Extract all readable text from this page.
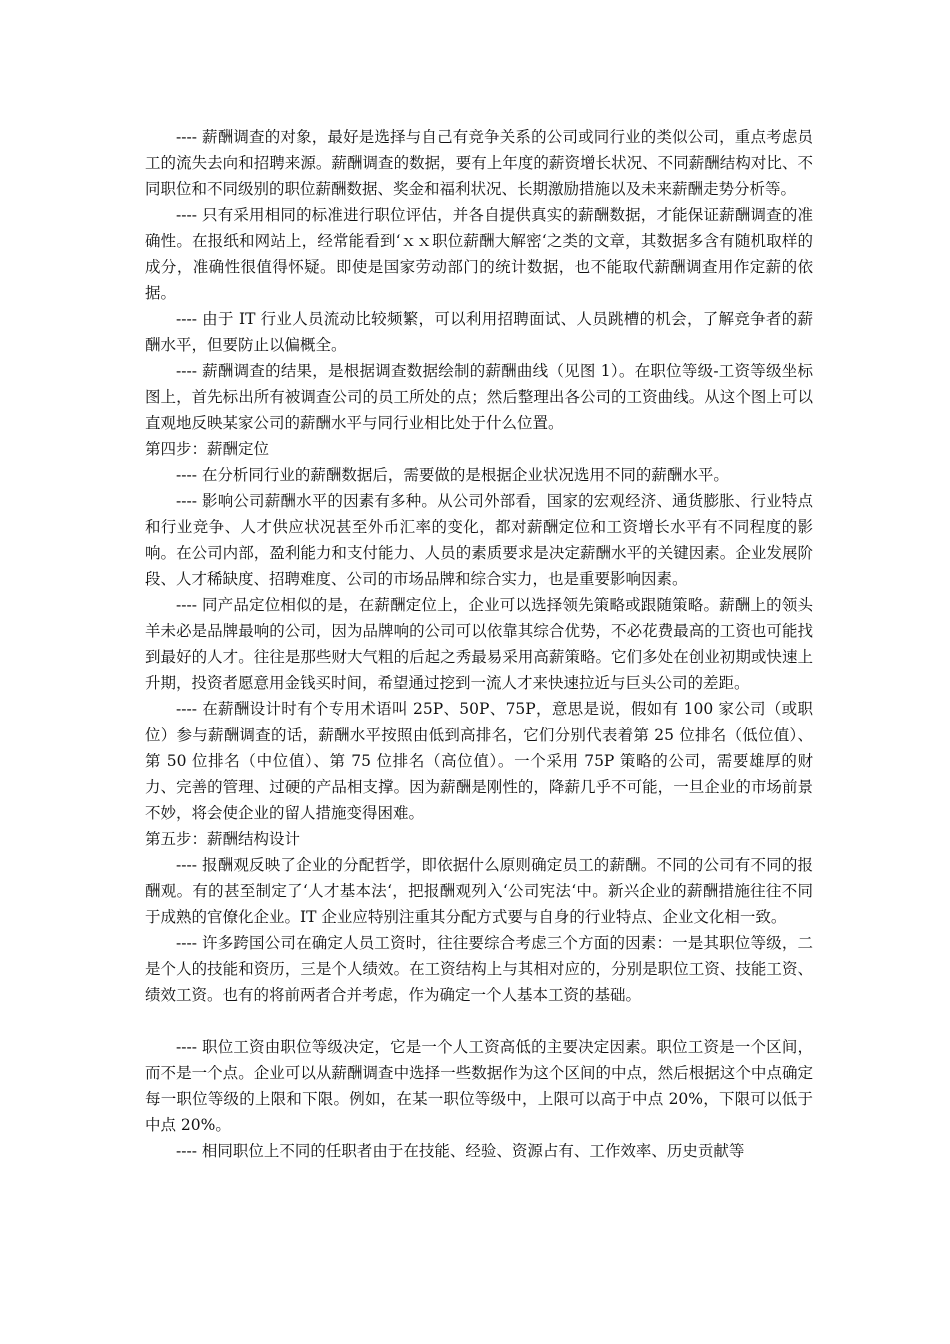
---- 薪酬调查的对象，最好是选择与自己有竞争关系的公司或同行业的类似公司，重点考虑员工的流失去向和招聘来源。薪酬调查的数据，要有上年度的薪资增长状况、不同薪酬结构对比、不同职位和不同级别的职位薪酬数据、奖金和福利状况、长期激励措施以及未来薪酬走势分析等。

---- 只有采用相同的标准进行职位评估，并各自提供真实的薪酬数据，才能保证薪酬调查的准确性。在报纸和网站上，经常能看到‘ｘｘ职位薪酬大解密‘之类的文章，其数据多含有随机取样的成分，准确性很值得怀疑。即使是国家劳动部门的统计数据，也不能取代薪酬调查用作定薪的依据。

---- 由于 IT 行业人员流动比较频繁，可以利用招聘面试、人员跳槽的机会，了解竞争者的薪酬水平，但要防止以偏概全。

---- 薪酬调查的结果，是根据调查数据绘制的薪酬曲线（见图 1）。在职位等级-工资等级坐标图上，首先标出所有被调查公司的员工所处的点；然后整理出各公司的工资曲线。从这个图上可以直观地反映某家公司的薪酬水平与同行业相比处于什么位置。

第四步：薪酬定位

---- 在分析同行业的薪酬数据后，需要做的是根据企业状况选用不同的薪酬水平。

---- 影响公司薪酬水平的因素有多种。从公司外部看，国家的宏观经济、通货膨胀、行业特点和行业竞争、人才供应状况甚至外币汇率的变化，都对薪酬定位和工资增长水平有不同程度的影响。在公司内部，盈利能力和支付能力、人员的素质要求是决定薪酬水平的关键因素。企业发展阶段、人才稀缺度、招聘难度、公司的市场品牌和综合实力，也是重要影响因素。

---- 同产品定位相似的是，在薪酬定位上，企业可以选择领先策略或跟随策略。薪酬上的领头羊未必是品牌最响的公司，因为品牌响的公司可以依靠其综合优势，不必花费最高的工资也可能找到最好的人才。往往是那些财大气粗的后起之秀最易采用高薪策略。它们多处在创业初期或快速上升期，投资者愿意用金钱买时间，希望通过挖到一流人才来快速拉近与巨头公司的差距。

---- 在薪酬设计时有个专用术语叫 25P、50P、75P，意思是说，假如有 100 家公司（或职位）参与薪酬调查的话，薪酬水平按照由低到高排名，它们分别代表着第 25 位排名（低位值）、第 50 位排名（中位值）、第 75 位排名（高位值）。一个采用 75P 策略的公司，需要雄厚的财力、完善的管理、过硬的产品相支撑。因为薪酬是刚性的，降薪几乎不可能，一旦企业的市场前景不妙，将会使企业的留人措施变得困难。

第五步：薪酬结构设计

---- 报酬观反映了企业的分配哲学，即依据什么原则确定员工的薪酬。不同的公司有不同的报酬观。有的甚至制定了‘人才基本法‘，把报酬观列入‘公司宪法‘中。新兴企业的薪酬措施往往不同于成熟的官僚化企业。IT 企业应特别注重其分配方式要与自身的行业特点、企业文化相一致。

---- 许多跨国公司在确定人员工资时，往往要综合考虑三个方面的因素：一是其职位等级，二是个人的技能和资历，三是个人绩效。在工资结构上与其相对应的，分别是职位工资、技能工资、绩效工资。也有的将前两者合并考虑，作为确定一个人基本工资的基础。

---- 职位工资由职位等级决定，它是一个人工资高低的主要决定因素。职位工资是一个区间，而不是一个点。企业可以从薪酬调查中选择一些数据作为这个区间的中点，然后根据这个中点确定每一职位等级的上限和下限。例如，在某一职位等级中，上限可以高于中点 20%，下限可以低于中点 20%。

---- 相同职位上不同的任职者由于在技能、经验、资源占有、工作效率、历史贡献等
